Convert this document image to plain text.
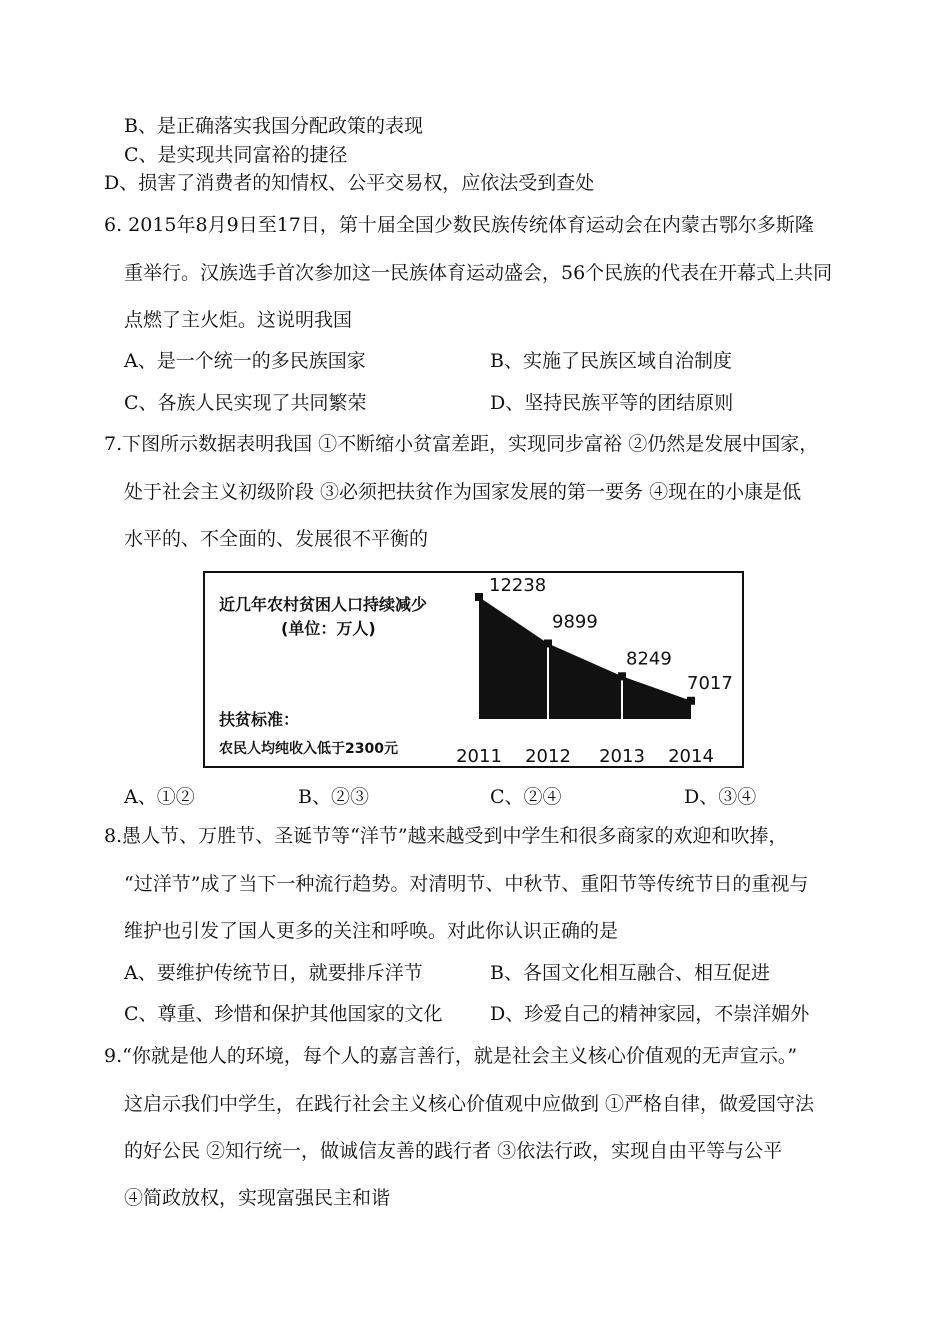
B、是正确落实我国分配政策的表现
C、是实现共同富裕的捷径
D、损害了消费者的知情权、公平交易权，应依法受到查处
6. 2015年8月9日至17日，第十届全国少数民族传统体育运动会在内蒙古鄂尔多斯隆
重举行。汉族选手首次参加这一民族体育运动盛会，56个民族的代表在开幕式上共同
点燃了主火炬。这说明我国
A、是一个统一的多民族国家	B、实施了民族区域自治制度
C、各族人民实现了共同繁荣	D、坚持民族平等的团结原则
7.下图所示数据表明我国 ①不断缩小贫富差距，实现同步富裕 ②仍然是发展中国家，
处于社会主义初级阶段 ③必须把扶贫作为国家发展的第一要务 ④现在的小康是低
水平的、不全面的、发展很不平衡的
近几年农村贫困人口持续减少
(单位：万人)
扶贫标准：
农民人均纯收入低于2300元
12238
9899
8249
7017
2011 2012 2013 2014
A、①②	B、②③	C、②④	D、③④
8.愚人节、万胜节、圣诞节等“洋节”越来越受到中学生和很多商家的欢迎和吹捧，
“过洋节”成了当下一种流行趋势。对清明节、中秋节、重阳节等传统节日的重视与
维护也引发了国人更多的关注和呼唤。对此你认识正确的是
A、要维护传统节日，就要排斥洋节	B、各国文化相互融合、相互促进
C、尊重、珍惜和保护其他国家的文化 D、珍爱自己的精神家园，不崇洋媚外
9.“你就是他人的环境，每个人的嘉言善行，就是社会主义核心价值观的无声宣示。”
这启示我们中学生，在践行社会主义核心价值观中应做到 ①严格自律，做爱国守法
的好公民 ②知行统一，做诚信友善的践行者 ③依法行政，实现自由平等与公平
④简政放权，实现富强民主和谐
